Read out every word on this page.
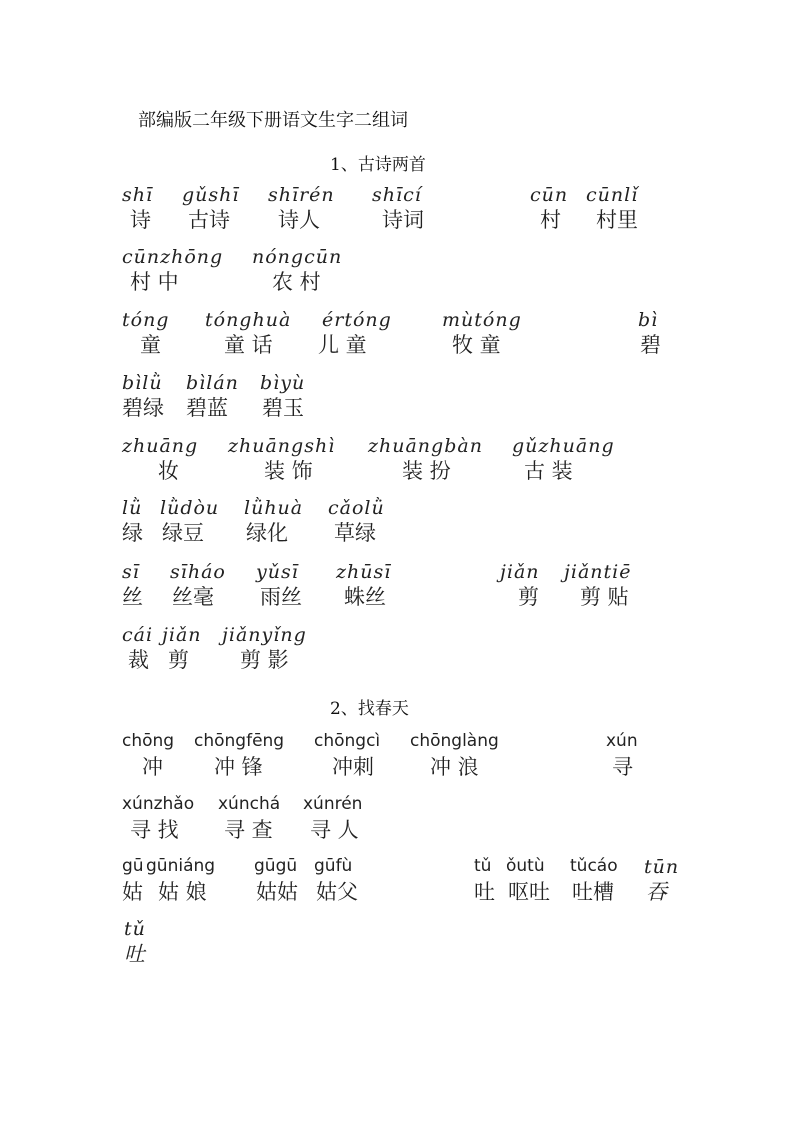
部编版二年级下册语文生字二组词
1、古诗两首
shī
诗
gǔshī
古诗
shīrén
诗人
shīcí
诗词
cūn
村
cūnlǐ
村里
cūnzhōng
村 中
nóngcūn
农 村
tóng
童
tónghuà
童 话
értóng
儿 童
mùtóng
牧 童
bì
碧
bìlǜ
碧绿
bìlán
碧蓝
bìyù
碧玉
zhuāng
妆
zhuāngshì
装 饰
zhuāngbàn
装 扮
gǔzhuāng
古 装
lǜ
绿
lǜdòu
绿豆
lǜhuà
绿化
cǎolǜ
草绿
sī
丝
sīháo
丝毫
yǔsī
雨丝
zhūsī
蛛丝
jiǎn
剪
jiǎntiē
剪 贴
cái
裁
jiǎn
剪
jiǎnyǐng
剪 影
2、找春天
chōng
冲
chōngfēng
冲 锋
chōngcì
冲刺
chōnglàng
冲 浪
xún
寻
xúnzhǎo
寻 找
xúnchá
寻 查
xúnrén
寻 人
gū
姑
gūniáng
姑 娘
gūgū
姑姑
gūfù
姑父
tǔ
吐
ǒutù
呕吐
tǔcáo
吐槽
tūn
吞
tǔ
吐
